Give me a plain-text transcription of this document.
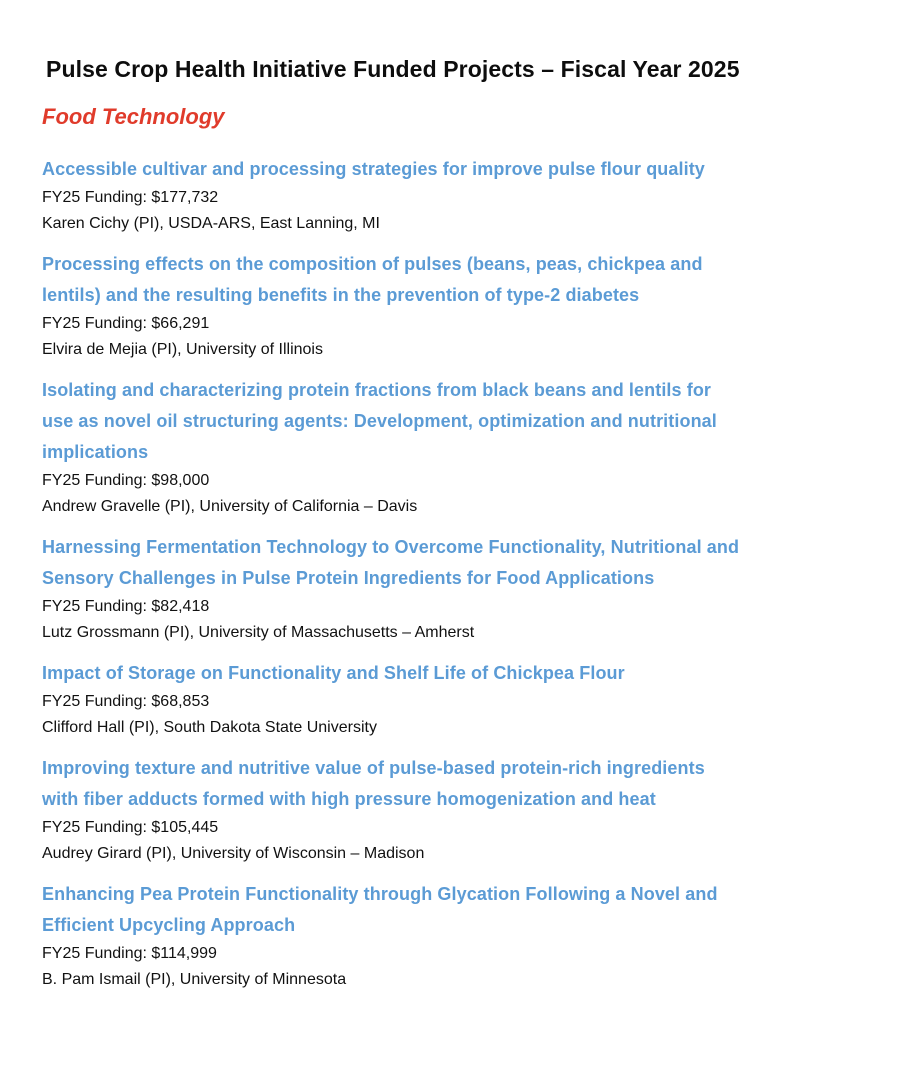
Pulse Crop Health Initiative Funded Projects – Fiscal Year 2025
Food Technology
Accessible cultivar and processing strategies for improve pulse flour quality
FY25 Funding: $177,732
Karen Cichy (PI), USDA-ARS, East Lanning, MI
Processing effects on the composition of pulses (beans, peas, chickpea and
lentils) and the resulting benefits in the prevention of type-2 diabetes
FY25 Funding: $66,291
Elvira de Mejia (PI), University of Illinois
Isolating and characterizing protein fractions from black beans and lentils for
use as novel oil structuring agents: Development, optimization and nutritional
implications
FY25 Funding: $98,000
Andrew Gravelle (PI), University of California – Davis
Harnessing Fermentation Technology to Overcome Functionality, Nutritional and
Sensory Challenges in Pulse Protein Ingredients for Food Applications
FY25 Funding: $82,418
Lutz Grossmann (PI), University of Massachusetts – Amherst
Impact of Storage on Functionality and Shelf Life of Chickpea Flour
FY25 Funding: $68,853
Clifford Hall (PI), South Dakota State University
Improving texture and nutritive value of pulse-based protein-rich ingredients
with fiber adducts formed with high pressure homogenization and heat
FY25 Funding: $105,445
Audrey Girard (PI), University of Wisconsin – Madison
Enhancing Pea Protein Functionality through Glycation Following a Novel and
Efficient Upcycling Approach
FY25 Funding: $114,999
B. Pam Ismail (PI), University of Minnesota
